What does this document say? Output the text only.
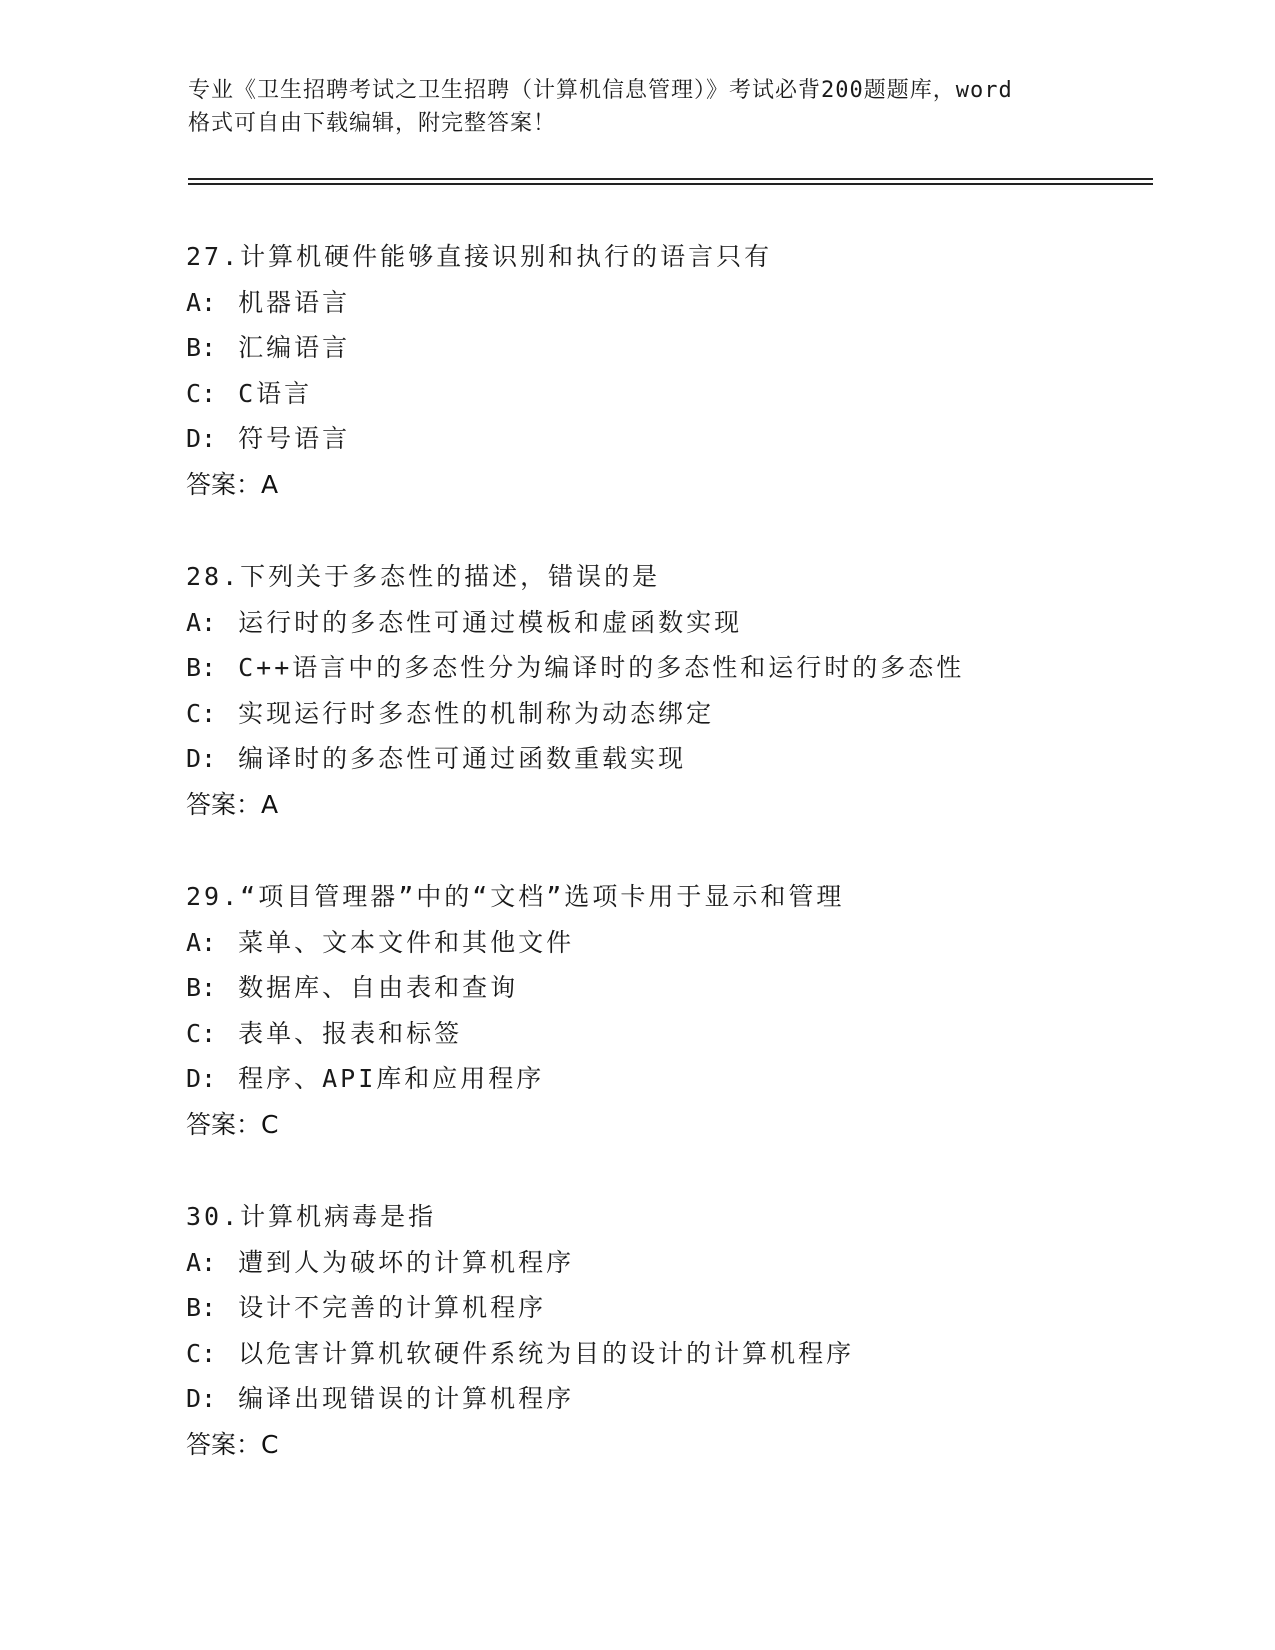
专业《卫生招聘考试之卫生招聘（计算机信息管理）》考试必背200题题库，word
格式可自由下载编辑，附完整答案！
27.计算机硬件能够直接识别和执行的语言只有
A: 机器语言
B: 汇编语言
C: C语言
D: 符号语言
答案：A
28.下列关于多态性的描述，错误的是
A: 运行时的多态性可通过模板和虚函数实现
B: C++语言中的多态性分为编译时的多态性和运行时的多态性
C: 实现运行时多态性的机制称为动态绑定
D: 编译时的多态性可通过函数重载实现
答案：A
29.“项目管理器”中的“文档”选项卡用于显示和管理
A: 菜单、文本文件和其他文件
B: 数据库、自由表和查询
C: 表单、报表和标签
D: 程序、API库和应用程序
答案：C
30.计算机病毒是指
A: 遭到人为破坏的计算机程序
B: 设计不完善的计算机程序
C: 以危害计算机软硬件系统为目的设计的计算机程序
D: 编译出现错误的计算机程序
答案：C
